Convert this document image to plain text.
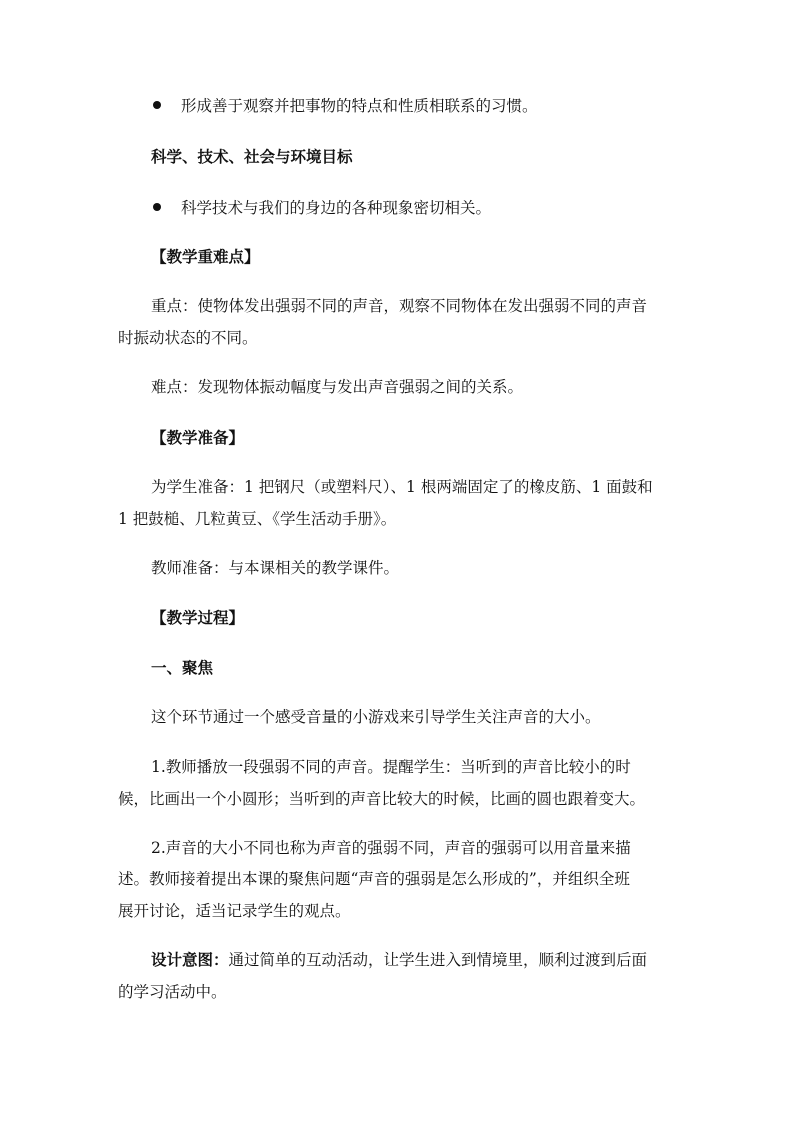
形成善于观察并把事物的特点和性质相联系的习惯。
科学、技术、社会与环境目标
科学技术与我们的身边的各种现象密切相关。
【教学重难点】
重点：使物体发出强弱不同的声音，观察不同物体在发出强弱不同的声音
时振动状态的不同。
难点：发现物体振动幅度与发出声音强弱之间的关系。
【教学准备】
为学生准备：1 把钢尺（或塑料尺）、1 根两端固定了的橡皮筋、1 面鼓和
1 把鼓槌、几粒黄豆、《学生活动手册》。
教师准备：与本课相关的教学课件。
【教学过程】
一、聚焦
这个环节通过一个感受音量的小游戏来引导学生关注声音的大小。
1.教师播放一段强弱不同的声音。提醒学生：当听到的声音比较小的时
候，比画出一个小圆形；当听到的声音比较大的时候，比画的圆也跟着变大。
2.声音的大小不同也称为声音的强弱不同，声音的强弱可以用音量来描
述。教师接着提出本课的聚焦问题“声音的强弱是怎么形成的”，并组织全班
展开讨论，适当记录学生的观点。
设计意图：通过简单的互动活动，让学生进入到情境里，顺利过渡到后面
的学习活动中。
